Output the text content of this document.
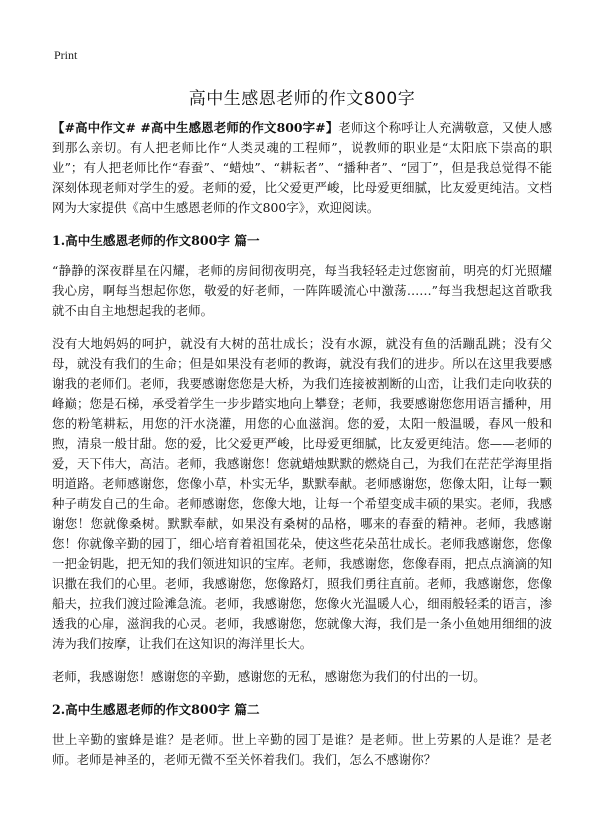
Print
高中生感恩老师的作文800字

【#高中作文# #高中生感恩老师的作文800字#】老师这个称呼让人充满敬意，又使人感到那么亲切。有人把老师比作“人类灵魂的工程师”，说教师的职业是“太阳底下崇高的职业”；有人把老师比作“春蚕”、“蜡烛”、“耕耘者”、“播种者”、“园丁”，但是我总觉得不能深刻体现老师对学生的爱。老师的爱，比父爱更严峻，比母爱更细腻，比友爱更纯洁。文档网为大家提供《高中生感恩老师的作文800字》，欢迎阅读。

1.高中生感恩老师的作文800字 篇一

“静静的深夜群星在闪耀，老师的房间彻夜明亮，每当我轻轻走过您窗前，明亮的灯光照耀我心房，啊每当想起你您，敬爱的好老师，一阵阵暖流心中激荡……”每当我想起这首歌我就不由自主地想起我的老师。

没有大地妈妈的呵护，就没有大树的茁壮成长；没有水源，就没有鱼的活蹦乱跳；没有父母，就没有我们的生命；但是如果没有老师的教诲，就没有我们的进步。所以在这里我要感谢我的老师们。老师，我要感谢您您是大桥，为我们连接被割断的山峦，让我们走向收获的峰巅；您是石梯，承受着学生一步步踏实地向上攀登；老师，我要感谢您您用语言播种，用您的粉笔耕耘，用您的汗水浇灌，用您的心血滋润。您的爱，太阳一般温暖，春风一般和煦，清泉一般甘甜。您的爱，比父爱更严峻，比母爱更细腻，比友爱更纯洁。您——老师的爱，天下伟大，高洁。老师，我感谢您！您就蜡烛默默的燃烧自己，为我们在茫茫学海里指明道路。老师感谢您，您像小草，朴实无华，默默奉献。老师感谢您，您像太阳，让每一颗种子萌发自己的生命。老师感谢您，您像大地，让每一个希望变成丰硕的果实。老师，我感谢您！您就像桑树。默默奉献，如果没有桑树的品格，哪来的春蚕的精神。老师，我感谢您！你就像辛勤的园丁，细心培育着祖国花朵，使这些花朵茁壮成长。老师我感谢您，您像一把金钥匙，把无知的我们领进知识的宝库。老师，我感谢您，您像春雨，把点点滴滴的知识撒在我们的心里。老师，我感谢您，您像路灯，照我们勇往直前。老师，我感谢您，您像船夫，拉我们渡过险滩急流。老师，我感谢您，您像火光温暖人心，细雨般轻柔的语言，渗透我的心扉，滋润我的心灵。老师，我感谢您，您就像大海，我们是一条小鱼她用细细的波涛为我们按摩，让我们在这知识的海洋里长大。

老师，我感谢您！感谢您的辛勤，感谢您的无私，感谢您为我们的付出的一切。

2.高中生感恩老师的作文800字 篇二

世上辛勤的蜜蜂是谁？是老师。世上辛勤的园丁是谁？是老师。世上劳累的人是谁？是老师。老师是神圣的，老师无微不至关怀着我们。我们，怎么不感谢你？
